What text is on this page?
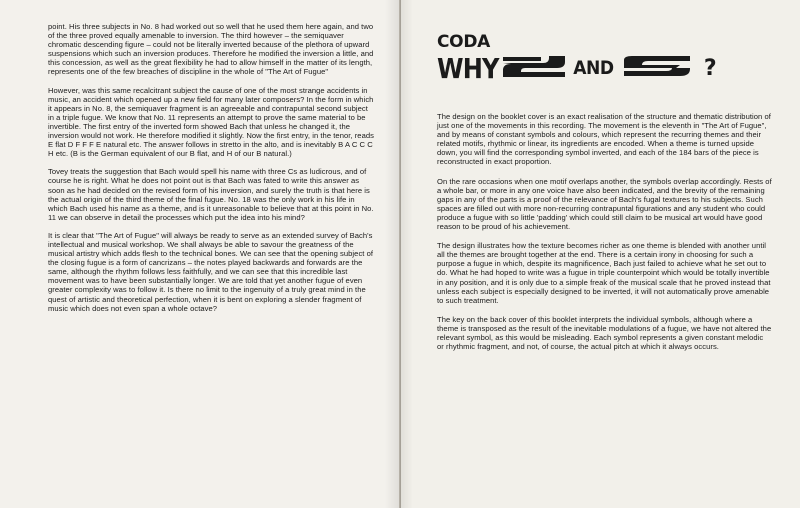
point. His three subjects in No. 8 had worked out so well that he used them here again, and two of the three proved equally amenable to inversion. The third however – the semiquaver chromatic descending figure – could not be literally inverted because of the plethora of upward suspensions which such an inversion produces. Therefore he modified the inversion a little, and this concession, as well as the great flexibility he had to allow himself in the matter of its length, represents one of the few breaches of discipline in the whole of "The Art of Fugue"

However, was this same recalcitrant subject the cause of one of the most strange accidents in music, an accident which opened up a new field for many later composers? In the form in which it appears in No. 8, the semiquaver fragment is an agreeable and contrapuntal second subject in a triple fugue. We know that No. 11 represents an attempt to prove the same material to be invertible. The first entry of the inverted form showed Bach that unless he changed it, the inversion would not work. He therefore modified it slightly. Now the first entry, in the tenor, reads E flat D F F F E natural etc. The answer follows in stretto in the alto, and is inevitably B A C C C H etc. (B is the German equivalent of our B flat, and H of our B natural.)

Tovey treats the suggestion that Bach would spell his name with three Cs as ludicrous, and of course he is right. What he does not point out is that Bach was fated to write this answer as soon as he had decided on the revised form of his inversion, and surely the truth is that here is the actual origin of the third theme of the final fugue. No. 18 was the only work in his life in which Bach used his name as a theme, and is it unreasonable to believe that at this point in No. 11 we can observe in detail the processes which put the idea into his mind?

It is clear that "The Art of Fugue" will always be ready to serve as an extended survey of Bach's intellectual and musical workshop. We shall always be able to savour the greatness of the musical artistry which adds flesh to the technical bones. We can see that the opening subject of the closing fugue is a form of cancrizans – the notes played backwards and forwards are the same, although the rhythm follows less faithfully, and we can see that this incredible last movement was to have been substantially longer. We are told that yet another fugue of even greater complexity was to follow it. Is there no limit to the ingenuity of a truly great mind in the quest of artistic and theoretical perfection, when it is bent on exploring a slender fragment of music which does not even span a whole octave?

CODA
WHY	AND	?

The design on the booklet cover is an exact realisation of the structure and thematic distribution of just one of the movements in this recording. The movement is the eleventh in "The Art of Fugue", and by means of constant symbols and colours, which represent the recurring themes and their related motifs, rhythmic or linear, its ingredients are encoded. When a theme is turned upside down, you will find the corresponding symbol inverted, and each of the 184 bars of the piece is reconstructed in exact proportion.

On the rare occasions when one motif overlaps another, the symbols overlap accordingly. Rests of a whole bar, or more in any one voice have also been indicated, and the brevity of the remaining gaps in any of the parts is a proof of the relevance of Bach's fugal textures to his subjects. Such spaces are filled out with more non-recurring contrapuntal figurations and any student who could produce a fugue with so little 'padding' which could still claim to be musical art would have good reason to be proud of his achievement.

The design illustrates how the texture becomes richer as one theme is blended with another until all the themes are brought together at the end. There is a certain irony in choosing for such a purpose a fugue in which, despite its magnificence, Bach just failed to achieve what he set out to do. What he had hoped to write was a fugue in triple counterpoint which would be totally invertible in any position, and it is only due to a simple freak of the musical scale that he proved instead that unless each subject is especially designed to be inverted, it will not automatically prove amenable to such treatment.

The key on the back cover of this booklet interprets the individual symbols, although where a theme is transposed as the result of the inevitable modulations of a fugue, we have not altered the relevant symbol, as this would be misleading. Each symbol represents a given constant melodic or rhythmic fragment, and not, of course, the actual pitch at which it always occurs.
